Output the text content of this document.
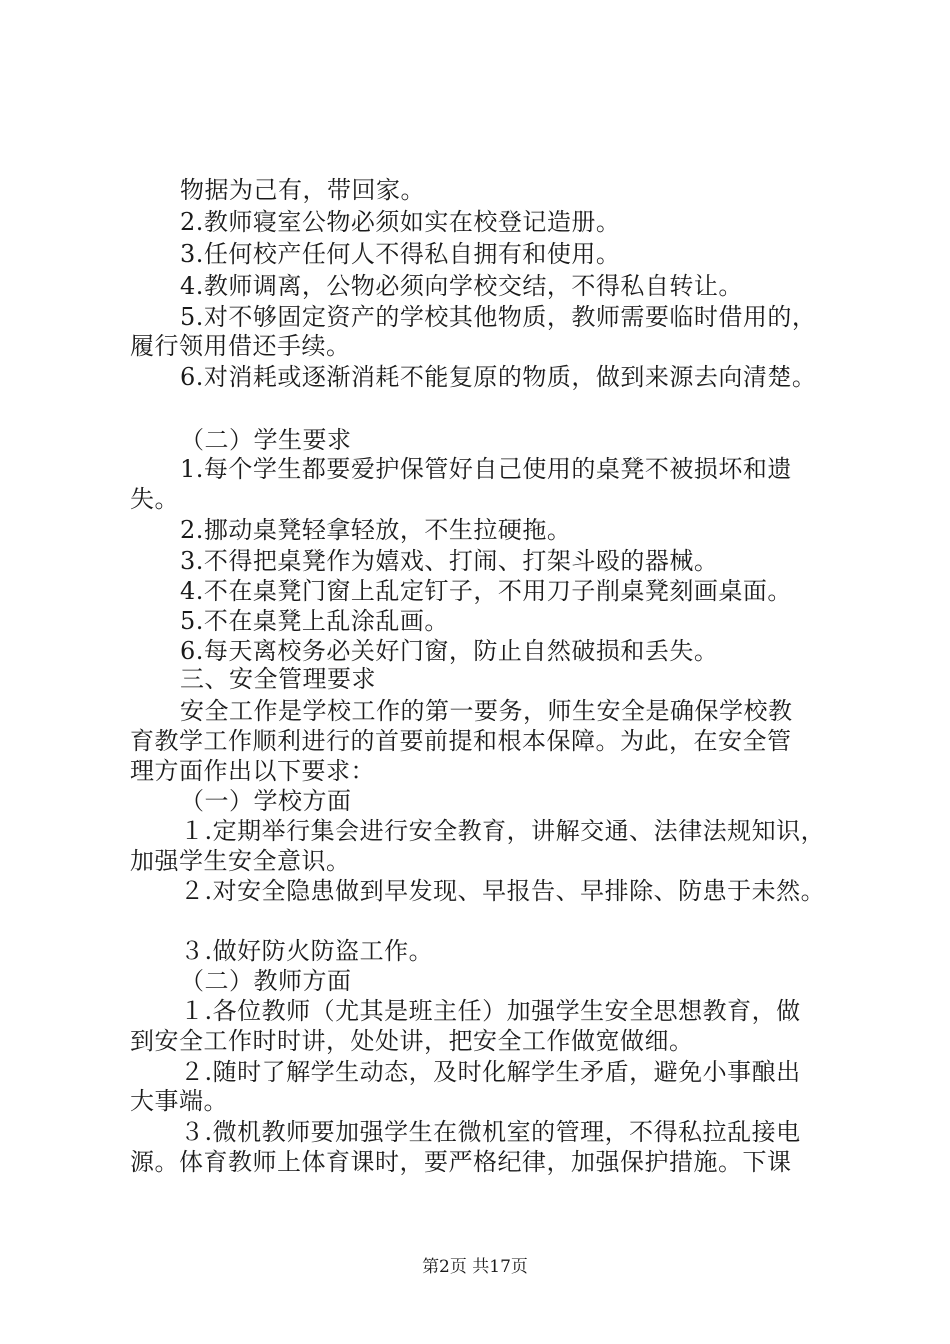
物据为己有，带回家。
2.教师寝室公物必须如实在校登记造册。
3.任何校产任何人不得私自拥有和使用。
4.教师调离，公物必须向学校交结，不得私自转让。
5.对不够固定资产的学校其他物质，教师需要临时借用的，
履行领用借还手续。
6.对消耗或逐渐消耗不能复原的物质，做到来源去向清楚。
（二）学生要求
1.每个学生都要爱护保管好自己使用的桌凳不被损坏和遗
失。
2.挪动桌凳轻拿轻放，不生拉硬拖。
3.不得把桌凳作为嬉戏、打闹、打架斗殴的器械。
4.不在桌凳门窗上乱定钉子，不用刀子削桌凳刻画桌面。
5.不在桌凳上乱涂乱画。
6.每天离校务必关好门窗，防止自然破损和丢失。
三、安全管理要求
安全工作是学校工作的第一要务，师生安全是确保学校教
育教学工作顺利进行的首要前提和根本保障。为此，在安全管
理方面作出以下要求：
（一）学校方面
１.定期举行集会进行安全教育，讲解交通、法律法规知识，
加强学生安全意识。
２.对安全隐患做到早发现、早报告、早排除、防患于未然。
３.做好防火防盗工作。
（二）教师方面
１.各位教师（尤其是班主任）加强学生安全思想教育，做
到安全工作时时讲，处处讲，把安全工作做宽做细。
２.随时了解学生动态，及时化解学生矛盾，避免小事酿出
大事端。
３.微机教师要加强学生在微机室的管理，不得私拉乱接电
源。体育教师上体育课时，要严格纪律，加强保护措施。下课
第2页 共17页
